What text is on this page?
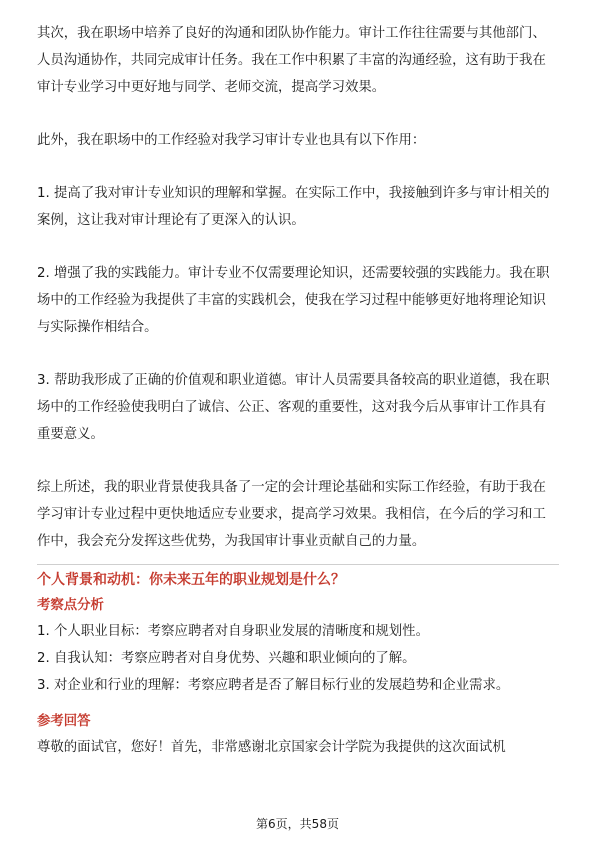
其次，我在职场中培养了良好的沟通和团队协作能力。审计工作往往需要与其他部门、人员沟通协作，共同完成审计任务。我在工作中积累了丰富的沟通经验，这有助于我在审计专业学习中更好地与同学、老师交流，提高学习效果。

此外，我在职场中的工作经验对我学习审计专业也具有以下作用：

1. 提高了我对审计专业知识的理解和掌握。在实际工作中，我接触到许多与审计相关的案例，这让我对审计理论有了更深入的认识。

2. 增强了我的实践能力。审计专业不仅需要理论知识，还需要较强的实践能力。我在职场中的工作经验为我提供了丰富的实践机会，使我在学习过程中能够更好地将理论知识与实际操作相结合。

3. 帮助我形成了正确的价值观和职业道德。审计人员需要具备较高的职业道德，我在职场中的工作经验使我明白了诚信、公正、客观的重要性，这对我今后从事审计工作具有重要意义。

综上所述，我的职业背景使我具备了一定的会计理论基础和实际工作经验，有助于我在学习审计专业过程中更快地适应专业要求，提高学习效果。我相信，在今后的学习和工作中，我会充分发挥这些优势，为我国审计事业贡献自己的力量。

个人背景和动机：你未来五年的职业规划是什么？

考察点分析

1. 个人职业目标：考察应聘者对自身职业发展的清晰度和规划性。

2. 自我认知：考察应聘者对自身优势、兴趣和职业倾向的了解。

3. 对企业和行业的理解：考察应聘者是否了解目标行业的发展趋势和企业需求。

参考回答

尊敬的面试官，您好！首先，非常感谢北京国家会计学院为我提供的这次面试机

第6页，共58页
